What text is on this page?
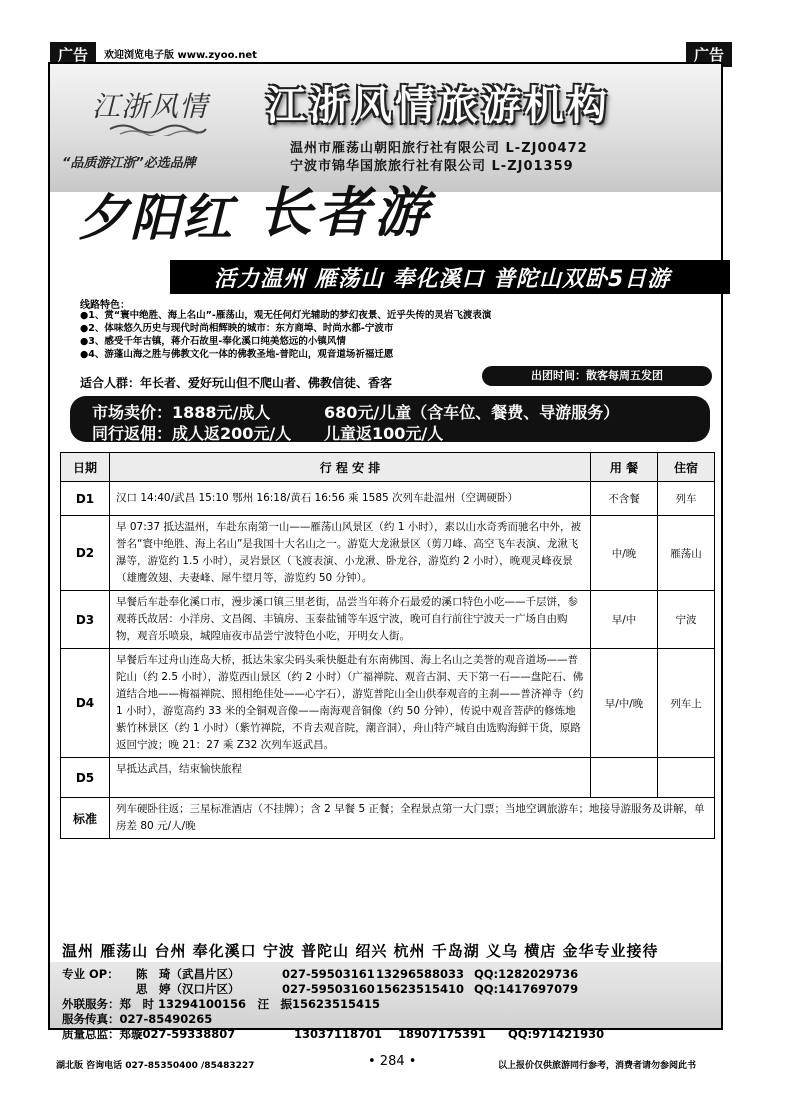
广告	欢迎浏览电子版 www.zyoo.net	广告
江浙风情
“品质游江浙”必选品牌
江浙风情旅游机构
温州市雁荡山朝阳旅行社有限公司 L-ZJ00472
宁波市锦华国旅旅行社有限公司 L-ZJ01359
夕阳红 长者游
活力温州 雁荡山 奉化溪口 普陀山双卧5日游
线路特色：
●1、赏“寰中绝胜、海上名山”-雁荡山，观无任何灯光辅助的梦幻夜景、近乎失传的灵岩飞渡表演
●2、体味悠久历史与现代时尚相辉映的城市：东方商埠、时尚水都-宁波市
●3、感受千年古镇，蒋介石故里-奉化溪口纯美悠远的小镇风情
●4、游蓬山海之胜与佛教文化一体的佛教圣地-普陀山，观音道场祈福迁愿
适合人群：年长者、爱好玩山但不爬山者、佛教信徒、香客
出团时间：散客每周五发团
市场卖价：1888元/成人	680元/儿童（含车位、餐费、导游服务）
同行返佣：成人返200元/人 儿童返100元/人
日期	行 程 安 排	用 餐	住宿
D1	汉口 14:40/武昌 15:10 鄂州 16:18/黄石 16:56 乘 1585 次列车赴温州（空调硬卧）	不含餐	列车
D2	早 07:37 抵达温州，车赴东南第一山——雁荡山风景区（约 1 小时），素以山水奇秀而驰名中外，被誉名“寰中绝胜、海上名山”是我国十大名山之一。游览大龙湫景区（剪刀峰、高空飞车表演、龙湫飞瀑等，游览约 1.5 小时），灵岩景区（飞渡表演、小龙湫、卧龙谷，游览约 2 小时），晚观灵峰夜景（雄鹰敛翅、夫妻峰、犀牛望月等，游览约 50 分钟）。	中/晚	雁荡山
D3	早餐后车赴奉化溪口市，漫步溪口镇三里老街，品尝当年蒋介石最爱的溪口特色小吃——千层饼，参观蒋氏故居：小洋房、文昌阁、丰镐房、玉泰盐铺等车返宁波，晚可自行前往宁波天一广场自由购物，观音乐喷泉，城隍庙夜市品尝宁波特色小吃，开明女人街。	早/中	宁波
D4	早餐后车过舟山连岛大桥，抵达朱家尖码头乘快艇赴有东南佛国、海上名山之美誉的观音道场——普陀山（约 2.5 小时），游览西山景区（约 2 小时）（广福禅院、观音古洞、天下第一石——盘陀石、佛道结合地——梅福禅院、照相绝佳处——心字石），游览普陀山全山供奉观音的主刹——普济禅寺（约 1 小时），游览高约 33 米的全铜观音像——南海观音铜像（约 50 分钟），传说中观音菩萨的修炼地紫竹林景区（约 1 小时）（紫竹禅院，不肯去观音院，潮音洞），舟山特产城自由选购海鲜干货，原路返回宁波；晚 21：27 乘 Z32 次列车返武昌。	早/中/晚	列车上
D5	早抵达武昌，结束愉快旅程		
标准	列车硬卧往返；三星标准酒店（不挂牌）；含 2 早餐 5 正餐；全程景点第一大门票；当地空调旅游车；地接导游服务及讲解，单房差 80 元/人/晚		
温州 雁荡山 台州 奉化溪口 宁波 普陀山 绍兴 杭州 千岛湖 义乌 横店 金华专业接待
专业 OP： 陈　琦（武昌片区）	027-5950316113296588033 QQ:1282029736
思　婷（汉口片区）	027-5950316015623515410 QQ:1417697079
外联服务：郑　时 13294100156　汪　振15623515415
服务传真：027-85490265
质量总监：郑璇027-59338807	13037118701 18907175391 QQ:971421930
湖北版 咨询电话 027-85350400 /85483227	• 284 •	以上报价仅供旅游同行参考，消费者请勿参阅此书
